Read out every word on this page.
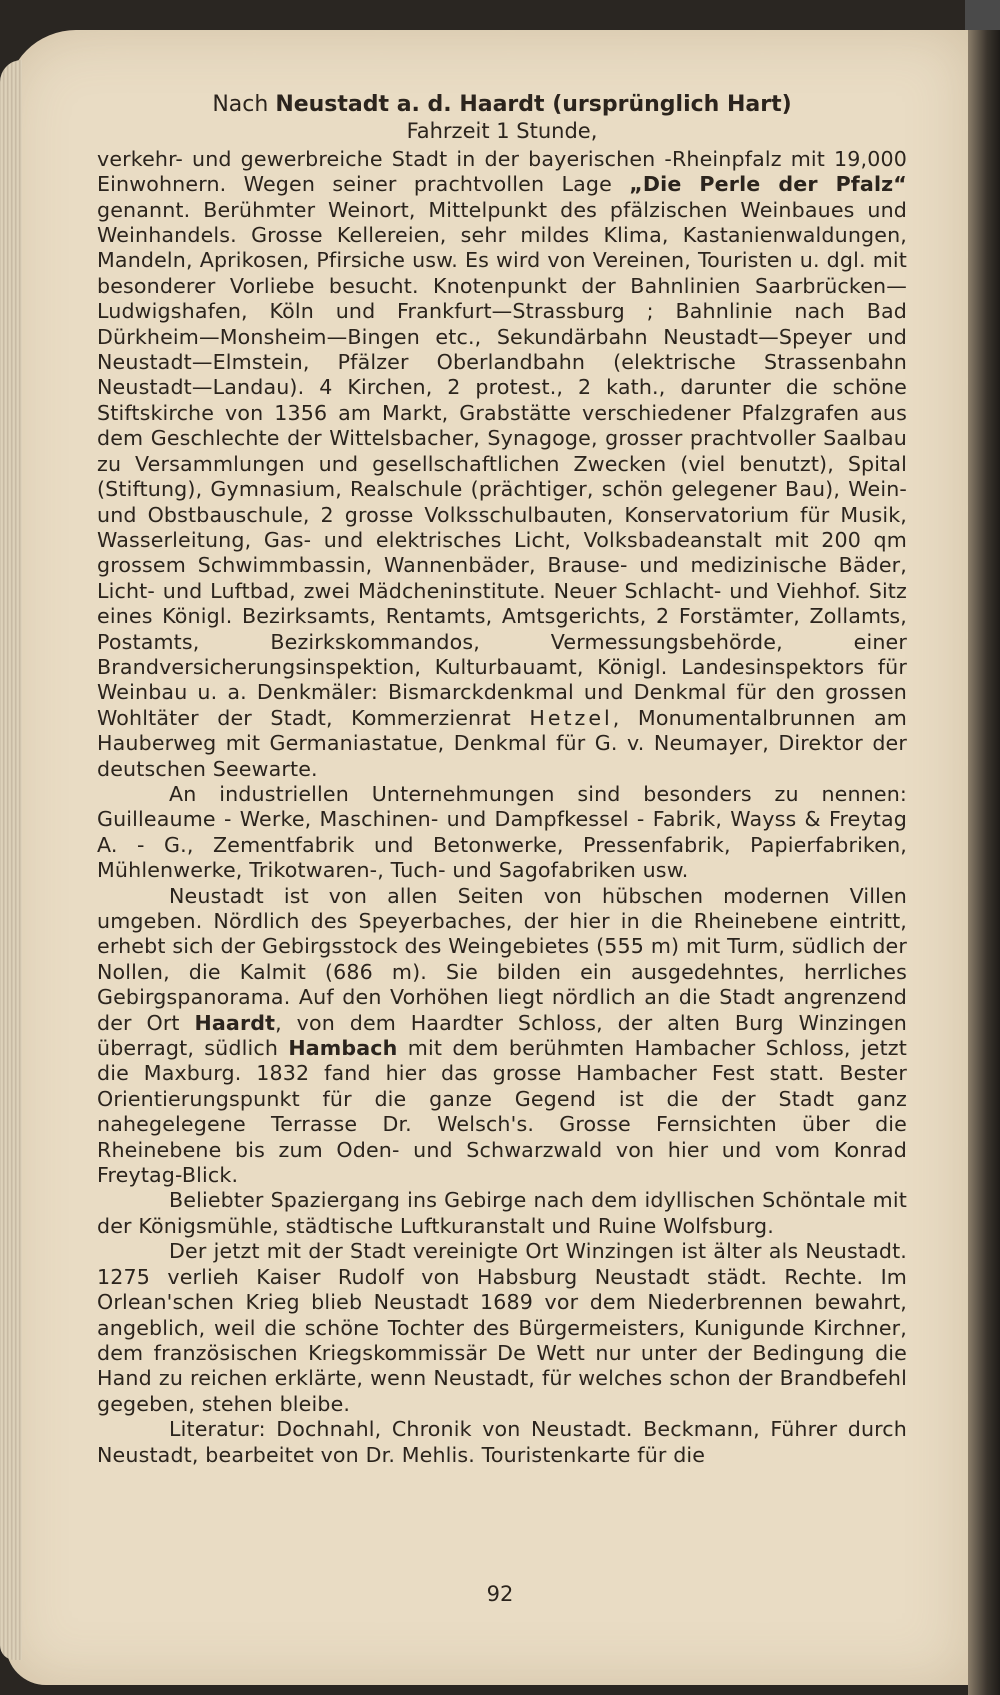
Nach Neustadt a. d. Haardt (ursprünglich Hart)

Fahrzeit 1 Stunde,

verkehr- und gewerbreiche Stadt in der bayerischen -Rheinpfalz mit 19,000 Einwohnern. Wegen seiner prachtvollen Lage „Die Perle der Pfalz“ genannt. Berühmter Weinort, Mittelpunkt des pfälzischen Weinbaues und Weinhandels. Grosse Kellereien, sehr mildes Klima, Kastanienwaldungen, Mandeln, Aprikosen, Pfirsiche usw. Es wird von Vereinen, Touristen u. dgl. mit besonderer Vorliebe besucht. Knotenpunkt der Bahnlinien Saarbrücken—Ludwigshafen, Köln und Frankfurt—Strassburg ; Bahnlinie nach Bad Dürkheim—Monsheim—Bingen etc., Sekundärbahn Neustadt—Speyer und Neustadt—Elmstein, Pfälzer Oberlandbahn (elektrische Strassenbahn Neustadt—Landau). 4 Kirchen, 2 protest., 2 kath., darunter die schöne Stiftskirche von 1356 am Markt, Grabstätte verschiedener Pfalzgrafen aus dem Geschlechte der Wittelsbacher, Synagoge, grosser prachtvoller Saalbau zu Versammlungen und gesellschaftlichen Zwecken (viel benutzt), Spital (Stiftung), Gymnasium, Realschule (prächtiger, schön gelegener Bau), Wein- und Obstbauschule, 2 grosse Volksschulbauten, Konservatorium für Musik, Wasserleitung, Gas- und elektrisches Licht, Volksbadeanstalt mit 200 qm grossem Schwimmbassin, Wannenbäder, Brause- und medizinische Bäder, Licht- und Luftbad, zwei Mädcheninstitute. Neuer Schlacht- und Viehhof. Sitz eines Königl. Bezirksamts, Rentamts, Amtsgerichts, 2 Forstämter, Zollamts, Postamts, Bezirkskommandos, Vermessungsbehörde, einer Brandversicherungsinspektion, Kulturbauamt, Königl. Landesinspektors für Weinbau u. a. Denkmäler: Bismarckdenkmal und Denkmal für den grossen Wohltäter der Stadt, Kommerzienrat Hetzel, Monumentalbrunnen am Hauberweg mit Germaniastatue, Denkmal für G. v. Neumayer, Direktor der deutschen Seewarte.

An industriellen Unternehmungen sind besonders zu nennen: Guilleaume - Werke, Maschinen- und Dampfkessel - Fabrik, Wayss & Freytag A. - G., Zementfabrik und Betonwerke, Pressenfabrik, Papierfabriken, Mühlenwerke, Trikotwaren-, Tuch- und Sagofabriken usw.

Neustadt ist von allen Seiten von hübschen modernen Villen umgeben. Nördlich des Speyerbaches, der hier in die Rheinebene eintritt, erhebt sich der Gebirgsstock des Weingebietes (555 m) mit Turm, südlich der Nollen, die Kalmit (686 m). Sie bilden ein ausgedehntes, herrliches Gebirgspanorama. Auf den Vorhöhen liegt nördlich an die Stadt angrenzend der Ort Haardt, von dem Haardter Schloss, der alten Burg Winzingen überragt, südlich Hambach mit dem berühmten Hambacher Schloss, jetzt die Maxburg. 1832 fand hier das grosse Hambacher Fest statt. Bester Orientierungspunkt für die ganze Gegend ist die der Stadt ganz nahegelegene Terrasse Dr. Welsch's. Grosse Fernsichten über die Rheinebene bis zum Oden- und Schwarzwald von hier und vom Konrad Freytag-Blick.

Beliebter Spaziergang ins Gebirge nach dem idyllischen Schöntale mit der Königsmühle, städtische Luftkuranstalt und Ruine Wolfsburg.

Der jetzt mit der Stadt vereinigte Ort Winzingen ist älter als Neustadt. 1275 verlieh Kaiser Rudolf von Habsburg Neustadt städt. Rechte. Im Orlean'schen Krieg blieb Neustadt 1689 vor dem Niederbrennen bewahrt, angeblich, weil die schöne Tochter des Bürgermeisters, Kunigunde Kirchner, dem französischen Kriegskommissär De Wett nur unter der Bedingung die Hand zu reichen erklärte, wenn Neustadt, für welches schon der Brandbefehl gegeben, stehen bleibe.

Literatur: Dochnahl, Chronik von Neustadt. Beckmann, Führer durch Neustadt, bearbeitet von Dr. Mehlis. Touristenkarte für die

92
